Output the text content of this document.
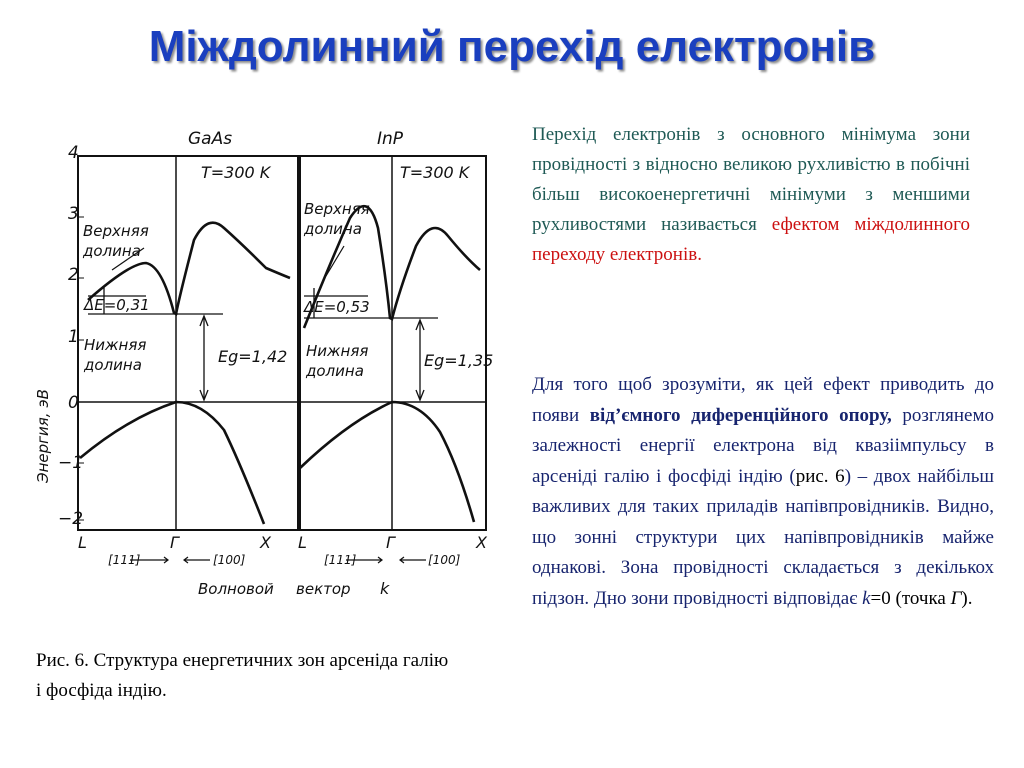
Міждолинний перехід електронів
Энергия, эВ
4
3
2
1
0
−1
−2
GaAs
T=300 K
Верхняя
долина
ΔE=0,31
Нижняя
долина	Eg=1,42
L	Г	X
[111]	[100]
InP
T=300 K
Верхняя
долина
ΔE=0,53
Нижняя
долина
Eg=1,35
L	Г	X
[111]	[100]
Волновой вектор k

Перехід електронів з основного мінімума зони провідності з відносно великою рухливістю в побічні більш високоенергетичні мінімуми з меншими рухливостями називається ефектом міждолинного переходу електронів.

Для того щоб зрозуміти, як цей ефект приводить до появи від’ємного диференційного опору, розглянемо залежності енергії електрона від квазіімпульсу в арсеніді галію і фосфіді індію (рис. 6) – двох найбільш важливих для таких приладів напівпровідників. Видно, що зонні структури цих напівпровідників майже однакові. Зона провідності складається з декількох підзон. Дно зони провідності відповідає k=0 (точка Г).

Рис. 6. Структура енергетичних зон арсеніда галію і фосфіда індію.
